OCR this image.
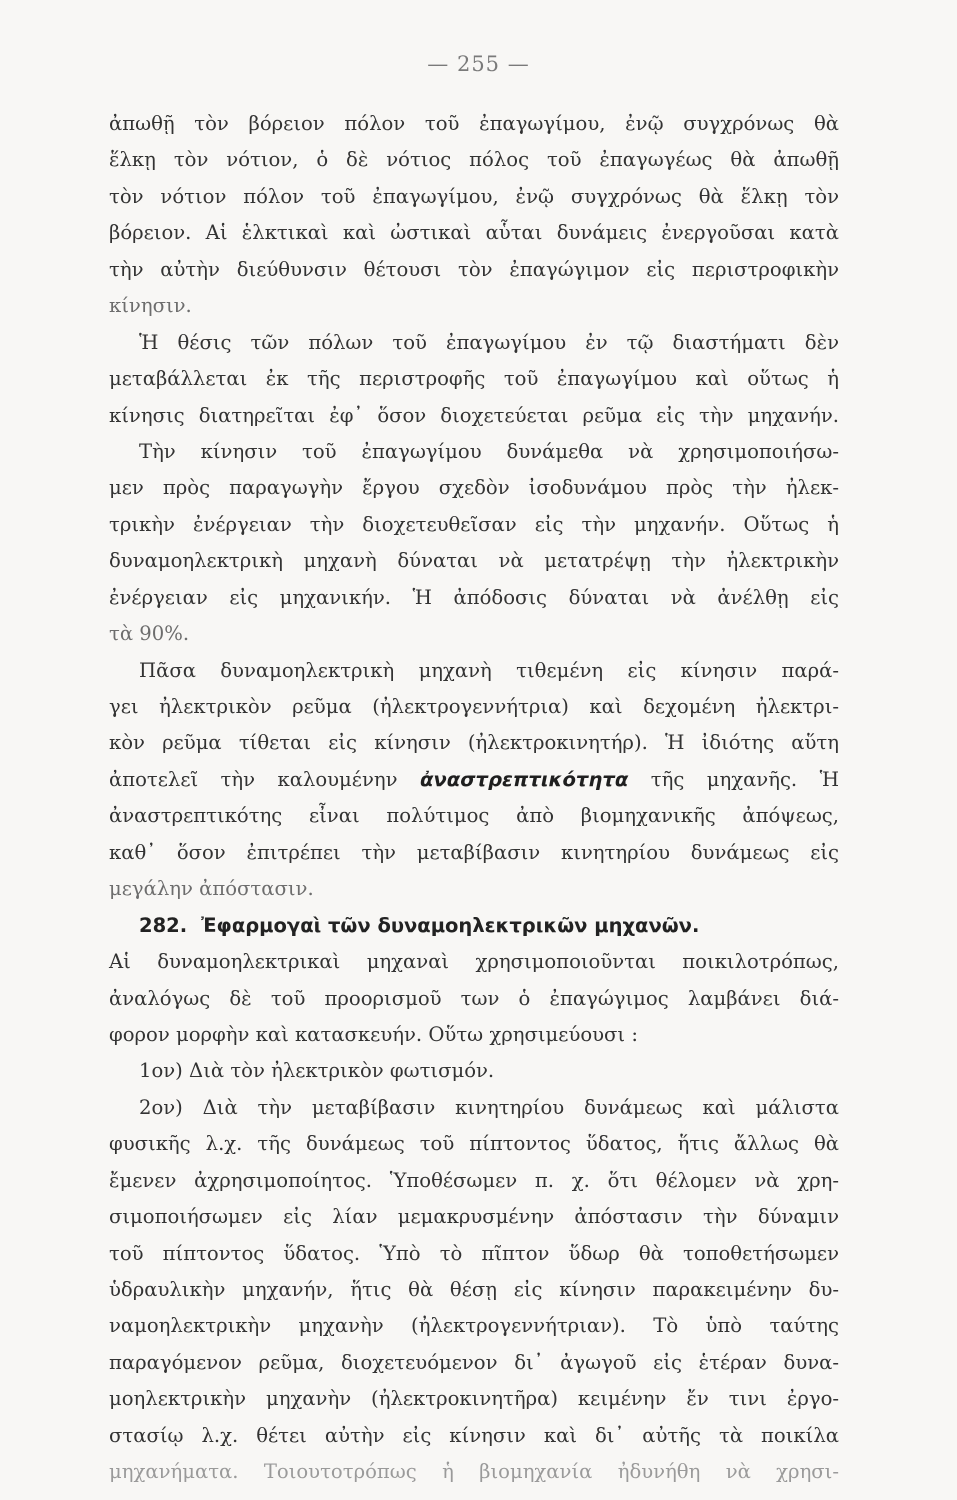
— 255 —
ἀπωθῇ τὸν βόρειον πόλον τοῦ ἐπαγωγίμου, ἐνῷ συγχρόνως θὰ
ἕλκῃ τὸν νότιον, ὁ δὲ νότιος πόλος τοῦ ἐπαγωγέως θὰ ἀπωθῇ
τὸν νότιον πόλον τοῦ ἐπαγωγίμου, ἐνῷ συγχρόνως θὰ ἕλκῃ τὸν
βόρειον. Αἱ ἑλκτικαὶ καὶ ὠστικαὶ αὗται δυνάμεις ἐνεργοῦσαι κατὰ
τὴν αὐτὴν διεύθυνσιν θέτουσι τὸν ἐπαγώγιμον εἰς περιστροφικὴν
κίνησιν.
Ἡ θέσις τῶν πόλων τοῦ ἐπαγωγίμου ἐν τῷ διαστήματι δὲν
μεταβάλλεται ἐκ τῆς περιστροφῆς τοῦ ἐπαγωγίμου καὶ οὕτως ἡ
κίνησις διατηρεῖται ἐφ᾽ ὅσον διοχετεύεται ρεῦμα εἰς τὴν μηχανήν.
Τὴν κίνησιν τοῦ ἐπαγωγίμου δυνάμεθα νὰ χρησιμοποιήσω-
μεν πρὸς παραγωγὴν ἔργου σχεδὸν ἰσοδυνάμου πρὸς τὴν ἠλεκ-
τρικὴν ἐνέργειαν τὴν διοχετευθεῖσαν εἰς τὴν μηχανήν. Οὕτως ἡ
δυναμοηλεκτρικὴ μηχανὴ δύναται νὰ μετατρέψῃ τὴν ἠλεκτρικὴν
ἐνέργειαν εἰς μηχανικήν. Ἡ ἀπόδοσις δύναται νὰ ἀνέλθῃ εἰς
τὰ 90%.
Πᾶσα δυναμοηλεκτρικὴ μηχανὴ τιθεμένη εἰς κίνησιν παρά-
γει ἠλεκτρικὸν ρεῦμα (ἠλεκτρογεννήτρια) καὶ δεχομένη ἠλεκτρι-
κὸν ρεῦμα τίθεται εἰς κίνησιν (ἠλεκτροκινητήρ). Ἡ ἰδιότης αὕτη
ἀποτελεῖ τὴν καλουμένην ἀναστρεπτικότητα τῆς μηχανῆς. Ἡ
ἀναστρεπτικότης εἶναι πολύτιμος ἀπὸ βιομηχανικῆς ἀπόψεως,
καθ᾽ ὅσον ἐπιτρέπει τὴν μεταβίβασιν κινητηρίου δυνάμεως εἰς
μεγάλην ἀπόστασιν.
282. Ἐφαρμογαὶ τῶν δυναμοηλεκτρικῶν μηχανῶν.
Αἱ δυναμοηλεκτρικαὶ μηχαναὶ χρησιμοποιοῦνται ποικιλοτρόπως,
ἀναλόγως δὲ τοῦ προορισμοῦ των ὁ ἐπαγώγιμος λαμβάνει διά-
φορον μορφὴν καὶ κατασκευήν. Οὕτω χρησιμεύουσι :
1ον) Διὰ τὸν ἠλεκτρικὸν φωτισμόν.
2ον) Διὰ τὴν μεταβίβασιν κινητηρίου δυνάμεως καὶ μάλιστα
φυσικῆς λ.χ. τῆς δυνάμεως τοῦ πίπτοντος ὕδατος, ἥτις ἄλλως θὰ
ἔμενεν ἀχρησιμοποίητος. Ὑποθέσωμεν π. χ. ὅτι θέλομεν νὰ χρη-
σιμοποιήσωμεν εἰς λίαν μεμακρυσμένην ἀπόστασιν τὴν δύναμιν
τοῦ πίπτοντος ὕδατος. Ὑπὸ τὸ πῖπτον ὕδωρ θὰ τοποθετήσωμεν
ὑδραυλικὴν μηχανήν, ἥτις θὰ θέσῃ εἰς κίνησιν παρακειμένην δυ-
ναμοηλεκτρικὴν μηχανὴν (ἠλεκτρογεννήτριαν). Τὸ ὑπὸ ταύτης
παραγόμενον ρεῦμα, διοχετευόμενον δι᾽ ἀγωγοῦ εἰς ἑτέραν δυνα-
μοηλεκτρικὴν μηχανὴν (ἠλεκτροκινητῆρα) κειμένην ἔν τινι ἐργο-
στασίῳ λ.χ. θέτει αὐτὴν εἰς κίνησιν καὶ δι᾽ αὐτῆς τὰ ποικίλα
μηχανήματα. Τοιουτοτρόπως ἡ βιομηχανία ἠδυνήθη νὰ χρησι-
